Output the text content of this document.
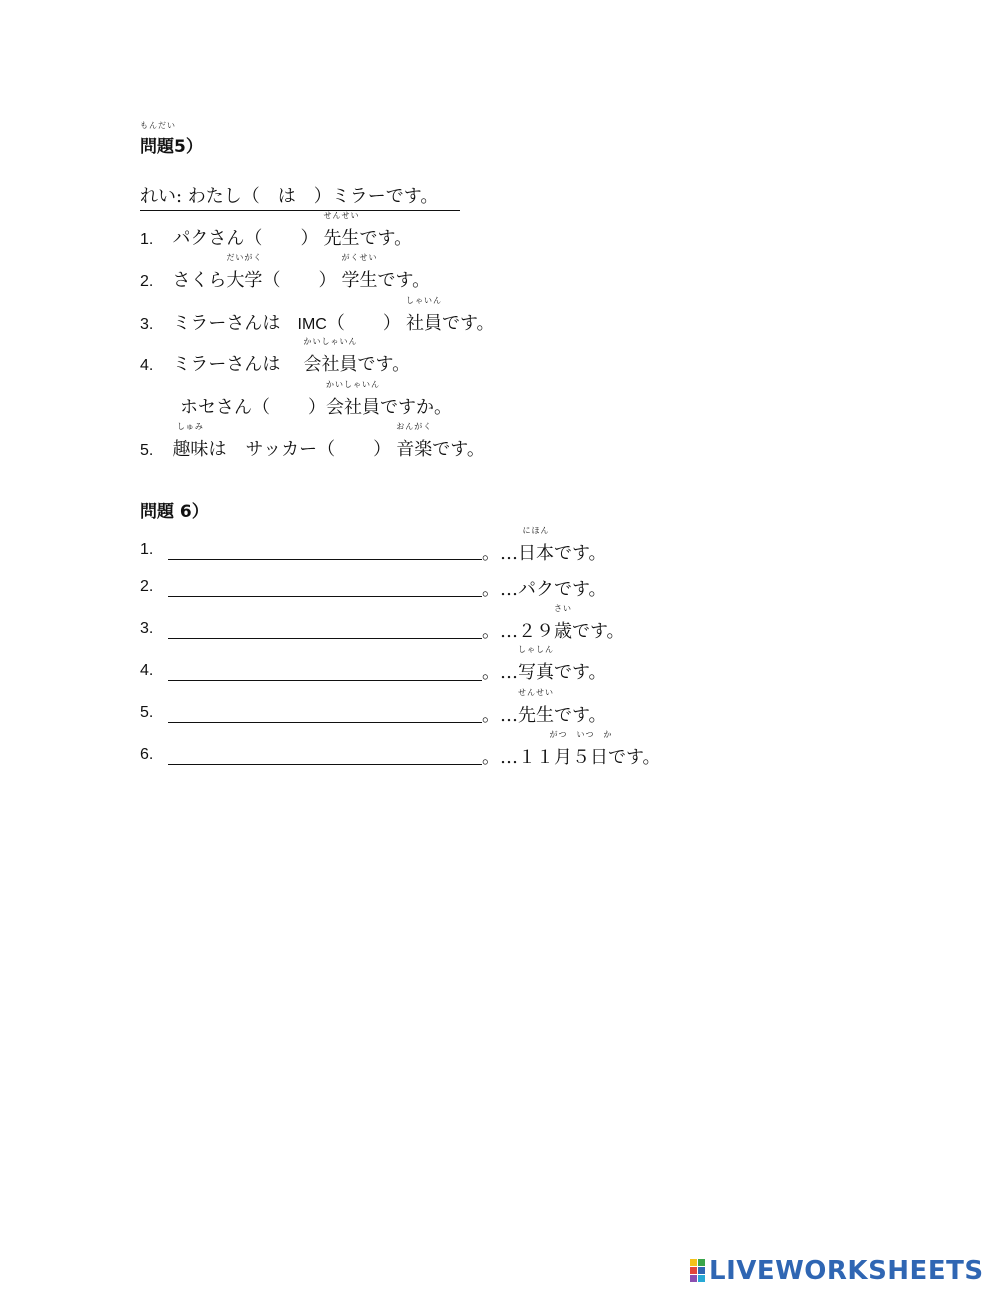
もんだい
問題5）
れい: わたし（　は　）ミラーです。
1. パクさん（ ）
せんせい
先生です。
2. さくら
だいがく
大学（ ）
がくせい
学生です。
3. ミラーさんは IMC（ ）
しゃいん
社員です。
4. ミラーさんは
かいしゃいん
会社員です。
ホセさん（ ）
かいしゃいん
会社員ですか。
5.
しゅみ
趣味は サッカー（ ）
おんがく
音楽です。
問題 6）
1.	。…
にほん
日本です。
2.	。…パクです。
3.	。…２９
さい
歳です。
4.	。…
しゃしん
写真です。
5.	。…
せんせい
先生です。
6.	。…１１
がつ　いつ　か
月５日です。
LIVEWORKSHEETS
